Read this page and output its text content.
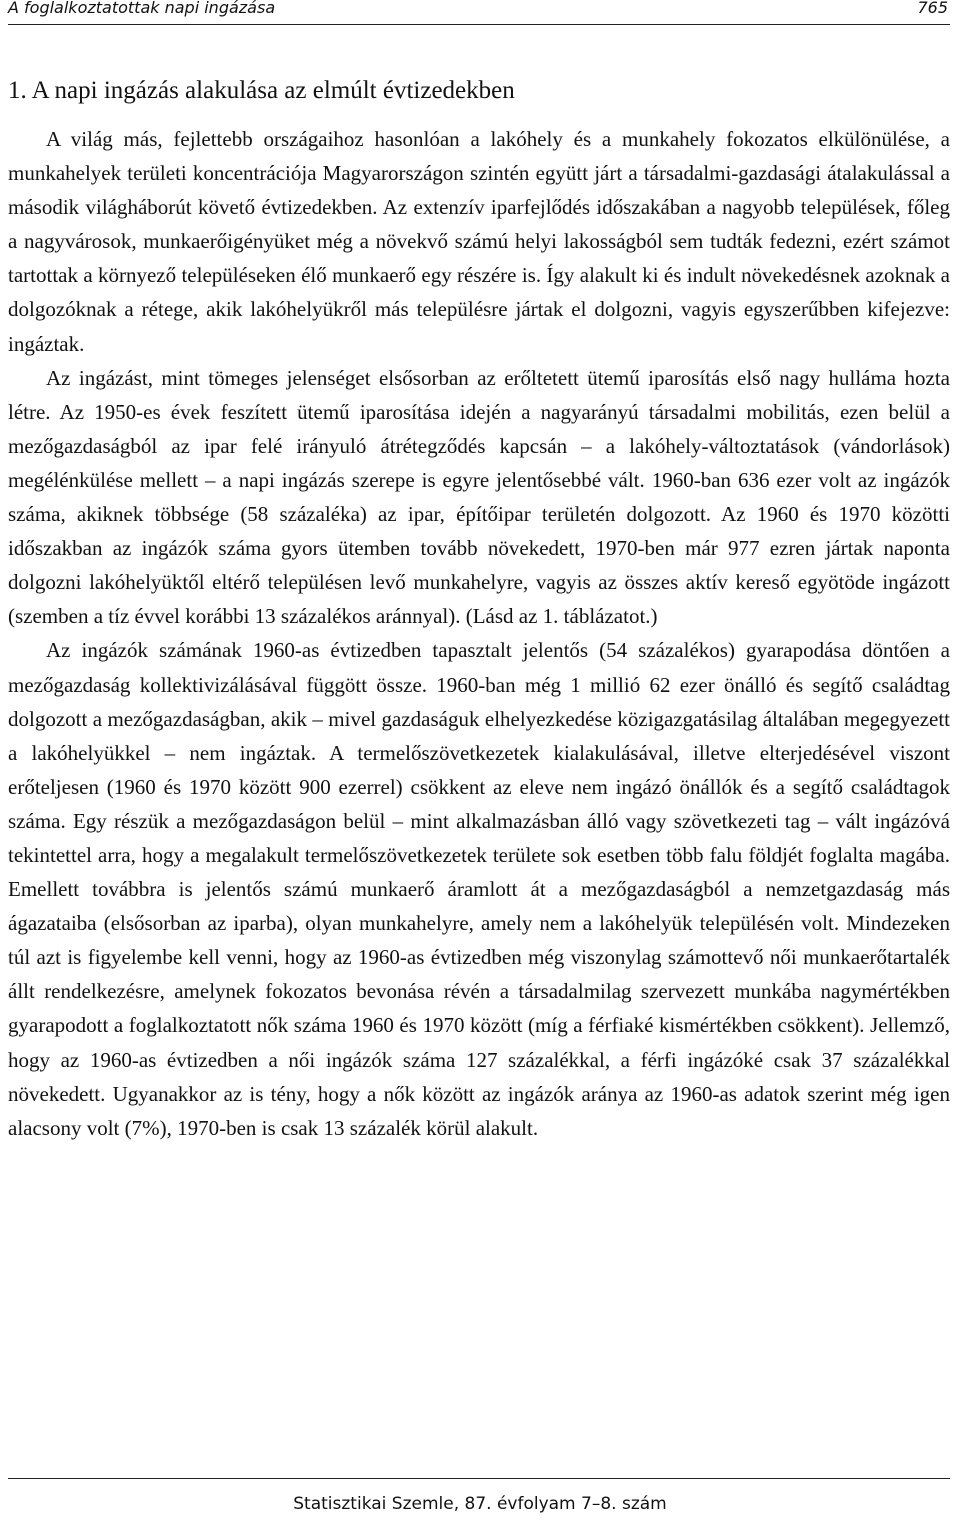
A foglalkoztatottak napi ingázása	765
1. A napi ingázás alakulása az elmúlt évtizedekben

A világ más, fejlettebb országaihoz hasonlóan a lakóhely és a munkahely fokozatos elkülönülése, a munkahelyek területi koncentrációja Magyarországon szintén együtt járt a társadalmi-gazdasági átalakulással a második világháborút követő évtizedekben. Az extenzív iparfejlődés időszakában a nagyobb települések, főleg a nagyvárosok, munkaerőigényüket még a növekvő számú helyi lakosságból sem tudták fedezni, ezért számot tartottak a környező településeken élő munkaerő egy részére is. Így alakult ki és indult növekedésnek azoknak a dolgozóknak a rétege, akik lakóhelyükről más településre jártak el dolgozni, vagyis egyszerűbben kifejezve: ingáztak.

Az ingázást, mint tömeges jelenséget elsősorban az erőltetett ütemű iparosítás első nagy hulláma hozta létre. Az 1950-es évek feszített ütemű iparosítása idején a nagyarányú társadalmi mobilitás, ezen belül a mezőgazdaságból az ipar felé irányuló átrétegződés kapcsán – a lakóhely-változtatások (vándorlások) megélénkülése mellett – a napi ingázás szerepe is egyre jelentősebbé vált. 1960-ban 636 ezer volt az ingázók száma, akiknek többsége (58 százaléka) az ipar, építőipar területén dolgozott. Az 1960 és 1970 közötti időszakban az ingázók száma gyors ütemben tovább növekedett, 1970-ben már 977 ezren jártak naponta dolgozni lakóhelyüktől eltérő településen levő munkahelyre, vagyis az összes aktív kereső egyötöde ingázott (szemben a tíz évvel korábbi 13 százalékos aránnyal). (Lásd az 1. táblázatot.)

Az ingázók számának 1960-as évtizedben tapasztalt jelentős (54 százalékos) gyarapodása döntően a mezőgazdaság kollektivizálásával függött össze. 1960-ban még 1 millió 62 ezer önálló és segítő családtag dolgozott a mezőgazdaságban, akik – mivel gazdaságuk elhelyezkedése közigazgatásilag általában megegyezett a lakóhelyükkel – nem ingáztak. A termelőszövetkezetek kialakulásával, illetve elterjedésével viszont erőteljesen (1960 és 1970 között 900 ezerrel) csökkent az eleve nem ingázó önállók és a segítő családtagok száma. Egy részük a mezőgazdaságon belül – mint alkalmazásban álló vagy szövetkezeti tag – vált ingázóvá tekintettel arra, hogy a megalakult termelőszövetkezetek területe sok esetben több falu földjét foglalta magába. Emellett továbbra is jelentős számú munkaerő áramlott át a mezőgazdaságból a nemzetgazdaság más ágazataiba (elsősorban az iparba), olyan munkahelyre, amely nem a lakóhelyük településén volt. Mindezeken túl azt is figyelembe kell venni, hogy az 1960-as évtizedben még viszonylag számottevő női munkaerőtartalék állt rendelkezésre, amelynek fokozatos bevonása révén a társadalmilag szervezett munkába nagymértékben gyarapodott a foglalkoztatott nők száma 1960 és 1970 között (míg a férfiaké kismértékben csökkent). Jellemző, hogy az 1960-as évtizedben a női ingázók száma 127 százalékkal, a férfi ingázóké csak 37 százalékkal növekedett. Ugyanakkor az is tény, hogy a nők között az ingázók aránya az 1960-as adatok szerint még igen alacsony volt (7%), 1970-ben is csak 13 százalék körül alakult.

Statisztikai Szemle, 87. évfolyam 7–8. szám
